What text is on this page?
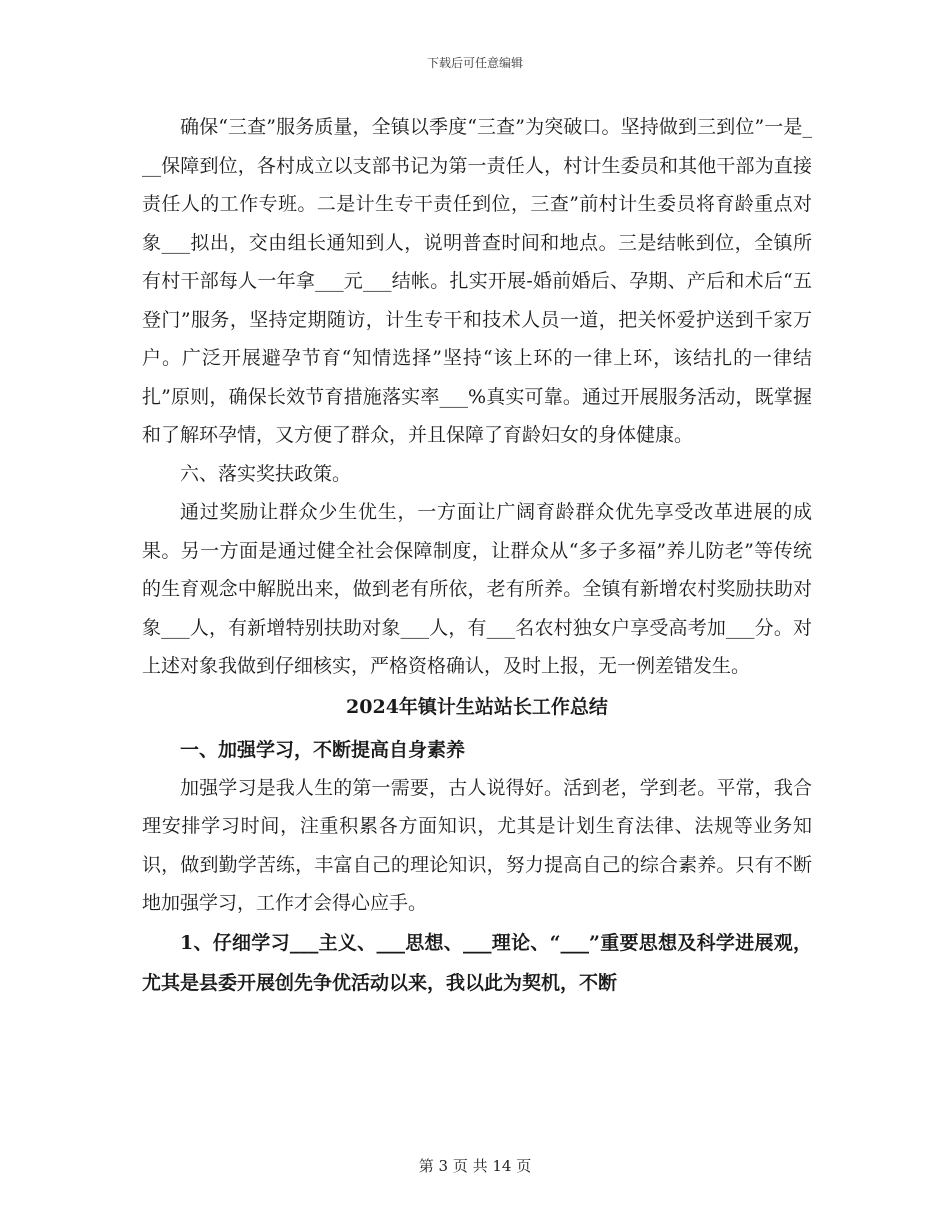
下载后可任意编辑

确保“三查”服务质量，全镇以季度“三查”为突破口。坚持做到三到位”一是___保障到位，各村成立以支部书记为第一责任人，村计生委员和其他干部为直接责任人的工作专班。二是计生专干责任到位，三查”前村计生委员将育龄重点对象___拟出，交由组长通知到人，说明普查时间和地点。三是结帐到位，全镇所有村干部每人一年拿___元___结帐。扎实开展-婚前婚后、孕期、产后和术后“五登门”服务，坚持定期随访，计生专干和技术人员一道，把关怀爱护送到千家万户。广泛开展避孕节育“知情选择”坚持“该上环的一律上环，该结扎的一律结扎”原则，确保长效节育措施落实率___%真实可靠。通过开展服务活动，既掌握和了解环孕情，又方便了群众，并且保障了育龄妇女的身体健康。

六、落实奖扶政策。

通过奖励让群众少生优生，一方面让广阔育龄群众优先享受改革进展的成果。另一方面是通过健全社会保障制度，让群众从“多子多福”养儿防老”等传统的生育观念中解脱出来，做到老有所依，老有所养。全镇有新增农村奖励扶助对象___人，有新增特别扶助对象___人，有___名农村独女户享受高考加___分。对上述对象我做到仔细核实，严格资格确认，及时上报，无一例差错发生。

2024年镇计生站站长工作总结

一、加强学习，不断提高自身素养

加强学习是我人生的第一需要，古人说得好。活到老，学到老。平常，我合理安排学习时间，注重积累各方面知识，尤其是计划生育法律、法规等业务知识，做到勤学苦练，丰富自己的理论知识，努力提高自己的综合素养。只有不断地加强学习，工作才会得心应手。

1、仔细学习___主义、___思想、___理论、“___”重要思想及科学进展观，尤其是县委开展创先争优活动以来，我以此为契机，不断

第 3 页 共 14 页
